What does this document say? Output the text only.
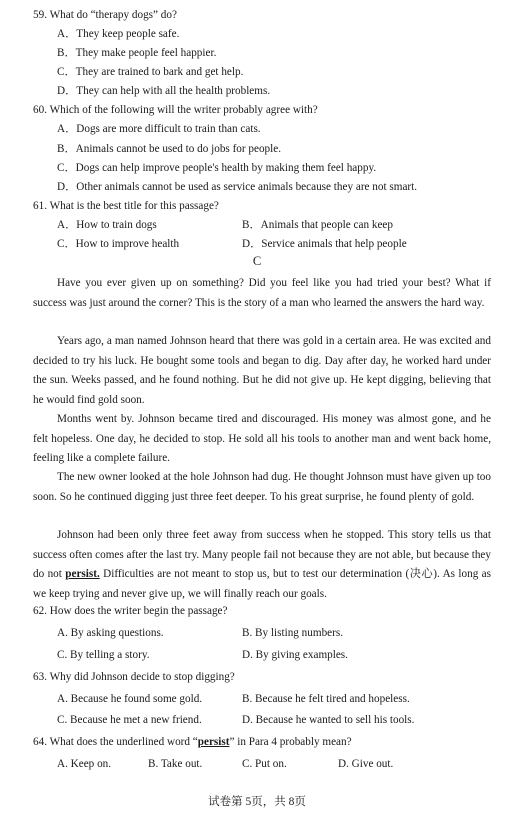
59. What do “therapy dogs” do?
A．They keep people safe.
B．They make people feel happier.
C．They are trained to bark and get help.
D．They can help with all the health problems.
60. Which of the following will the writer probably agree with?
A．Dogs are more difficult to train than cats.
B．Animals cannot be used to do jobs for people.
C．Dogs can help improve people's health by making them feel happy.
D．Other animals cannot be used as service animals because they are not smart.
61. What is the best title for this passage?
A．How to train dogs	B．Animals that people can keep
C．How to improve health	D．Service animals that help people
C

Have you ever given up on something? Did you feel like you had tried your best? What if success was just around the corner? This is the story of a man who learned the answers the hard way.

Years ago, a man named Johnson heard that there was gold in a certain area. He was excited and decided to try his luck. He bought some tools and began to dig. Day after day, he worked hard under the sun. Weeks passed, and he found nothing. But he did not give up. He kept digging, believing that he would find gold soon.

Months went by. Johnson became tired and discouraged. His money was almost gone, and he felt hopeless. One day, he decided to stop. He sold all his tools to another man and went back home, feeling like a complete failure.

The new owner looked at the hole Johnson had dug. He thought Johnson must have given up too soon. So he continued digging just three feet deeper. To his great surprise, he found plenty of gold.

Johnson had been only three feet away from success when he stopped. This story tells us that success often comes after the last try. Many people fail not because they are not able, but because they do not persist. Difficulties are not meant to stop us, but to test our determination (决心). As long as we keep trying and never give up, we will finally reach our goals.

62. How does the writer begin the passage?
A. By asking questions.	B. By listing numbers.
C. By telling a story.	D. By giving examples.
63. Why did Johnson decide to stop digging?
A. Because he found some gold.	B. Because he felt tired and hopeless.
C. Because he met a new friend.	D. Because he wanted to sell his tools.
64. What does the underlined word “persist” in Para 4 probably mean?
A. Keep on.	B. Take out.	C. Put on.	D. Give out.
试卷第 5页，共 8页
